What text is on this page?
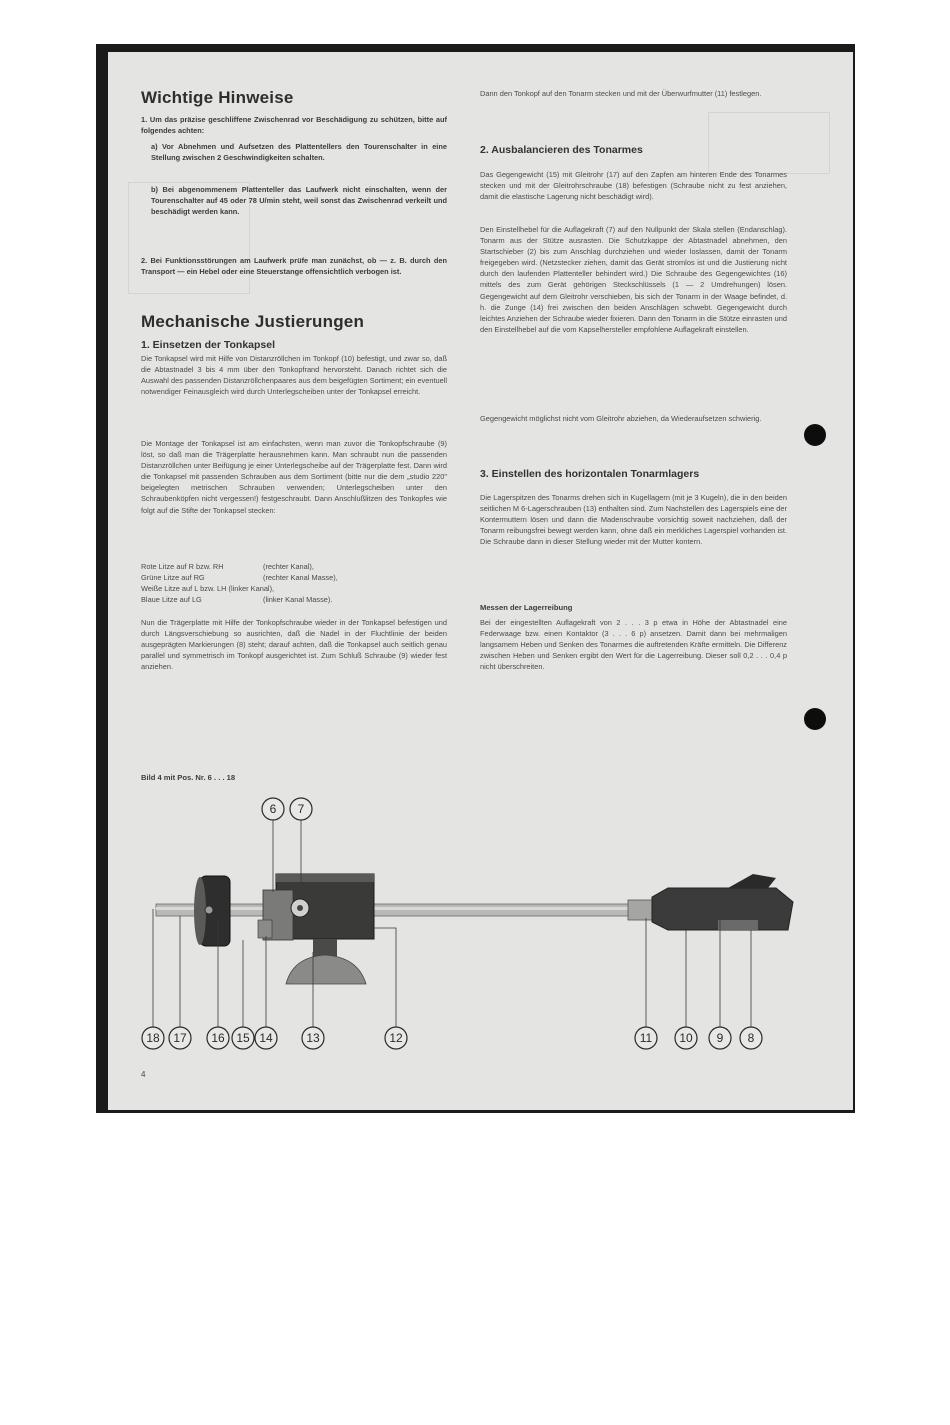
Wichtige Hinweise
1. Um das präzise geschliffene Zwischenrad vor Beschädigung zu schützen, bitte auf folgendes achten:
a) Vor Abnehmen und Aufsetzen des Plattentellers den Tourenschalter in eine Stellung zwischen 2 Geschwindigkeiten schalten.
b) Bei abgenommenem Plattenteller das Laufwerk nicht einschalten, wenn der Tourenschalter auf 45 oder 78 U/min steht, weil sonst das Zwischenrad verkeilt und beschädigt werden kann.
2. Bei Funktionsstörungen am Laufwerk prüfe man zunächst, ob — z. B. durch den Transport — ein Hebel oder eine Steuerstange offensichtlich verbogen ist.
Mechanische Justierungen
1. Einsetzen der Tonkapsel
Die Tonkapsel wird mit Hilfe von Distanzröllchen im Tonkopf (10) befestigt, und zwar so, daß die Abtastnadel 3 bis 4 mm über den Tonkopfrand hervorsteht. Danach richtet sich die Auswahl des passenden Distanzröllchenpaares aus dem beigefügten Sortiment; ein eventuell notwendiger Feinausgleich wird durch Unterlegscheiben unter der Tonkapsel erreicht.
Die Montage der Tonkapsel ist am einfachsten, wenn man zuvor die Tonkopfschraube (9) löst, so daß man die Trägerplatte herausnehmen kann. Man schraubt nun die passenden Distanzröllchen unter Beifügung je einer Unterlegscheibe auf der Trägerplatte fest. Dann wird die Tonkapsel mit passenden Schrauben aus dem Sortiment (bitte nur die dem „studio 220" beigelegten metrischen Schrauben verwenden; Unterlegscheiben unter den Schraubenköpfen nicht vergessen!) festgeschraubt. Dann Anschlußlitzen des Tonkopfes wie folgt auf die Stifte der Tonkapsel stecken:
Rote Litze auf R bzw. RH	(rechter Kanal),
Grüne Litze auf RG	(rechter Kanal Masse),
Weiße Litze auf L bzw. LH (linker Kanal),
Blaue Litze auf LG	(linker Kanal Masse).
Nun die Trägerplatte mit Hilfe der Tonkopfschraube wieder in der Tonkapsel befestigen und durch Längsverschiebung so ausrichten, daß die Nadel in der Fluchtlinie der beiden ausgeprägten Markierungen (8) steht; darauf achten, daß die Tonkapsel auch seitlich genau parallel und symmetrisch im Tonkopf ausgerichtet ist. Zum Schluß Schraube (9) wieder fest anziehen.
Dann den Tonkopf auf den Tonarm stecken und mit der Überwurfmutter (11) festlegen.
2. Ausbalancieren des Tonarmes
Das Gegengewicht (15) mit Gleitrohr (17) auf den Zapfen am hinteren Ende des Tonarmes stecken und mit der Gleitrohrschraube (18) befestigen (Schraube nicht zu fest anziehen, damit die elastische Lagerung nicht beschädigt wird).
Den Einstellhebel für die Auflagekraft (7) auf den Nullpunkt der Skala stellen (Endanschlag). Tonarm aus der Stütze ausrasten. Die Schutzkappe der Abtastnadel abnehmen, den Startschieber (2) bis zum Anschlag durchziehen und wieder loslassen, damit der Tonarm freigegeben wird. (Netzstecker ziehen, damit das Gerät stromlos ist und die Justierung nicht durch den laufenden Plattenteller behindert wird.) Die Schraube des Gegengewichtes (16) mittels des zum Gerät gehörigen Steckschlüssels (1 — 2 Umdrehungen) lösen. Gegengewicht auf dem Gleitrohr verschieben, bis sich der Tonarm in der Waage befindet, d. h. die Zunge (14) frei zwischen den beiden Anschlägen schwebt. Gegengewicht durch leichtes Anziehen der Schraube wieder fixieren. Dann den Tonarm in die Stütze einrasten und den Einstellhebel auf die vom Kapselhersteller empfohlene Auflagekraft einstellen.
Gegengewicht möglichst nicht vom Gleitrohr abziehen, da Wiederaufsetzen schwierig.
3. Einstellen des horizontalen Tonarmlagers
Die Lagerspitzen des Tonarms drehen sich in Kugellagern (mit je 3 Kugeln), die in den beiden seitlichen M 6-Lagerschrauben (13) enthalten sind. Zum Nachstellen des Lagerspiels eine der Kontermuttern lösen und dann die Madenschraube vorsichtig soweit nachziehen, daß der Tonarm reibungsfrei bewegt werden kann, ohne daß ein merkliches Lagerspiel vorhanden ist. Die Schraube dann in dieser Stellung wieder mit der Mutter kontern.
Messen der Lagerreibung
Bei der eingestellten Auflagekraft von 2 . . . 3 p etwa in Höhe der Abtastnadel eine Federwaage bzw. einen Kontaktor (3 . . . 6 p) ansetzen. Damit dann bei mehrmaligen langsamem Heben und Senken des Tonarmes die auftretenden Kräfte ermitteln. Die Differenz zwischen Heben und Senken ergibt den Wert für die Lagerreibung. Dieser soll 0,2 . . . 0,4 p nicht überschreiten.
Bild 4 mit Pos. Nr. 6 . . . 18
6 7
18 17 16 15 14	13	12	11 10 9 8
4
